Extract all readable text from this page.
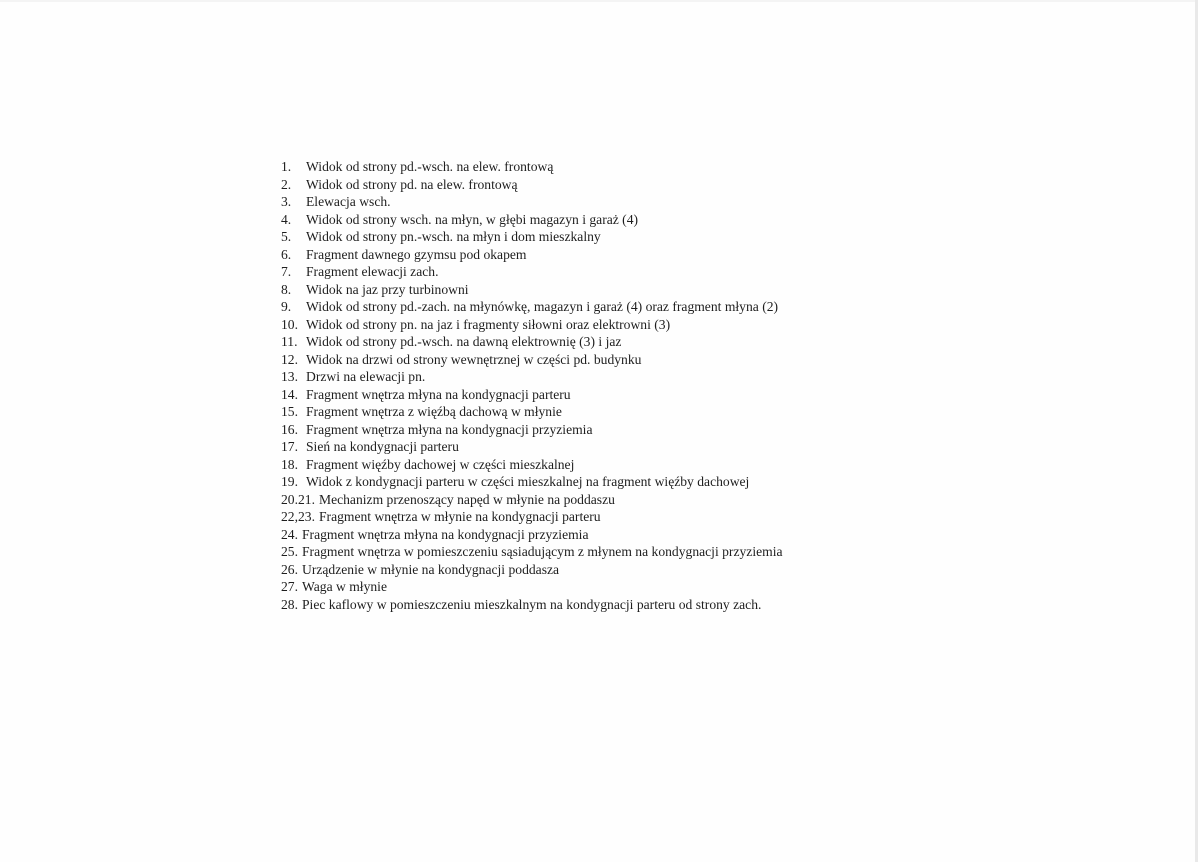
1.	Widok od strony pd.-wsch. na elew. frontową
2.	Widok od strony pd. na elew. frontową
3.	Elewacja wsch.
4.	Widok od strony wsch. na młyn, w głębi magazyn i garaż (4)
5.	Widok od strony pn.-wsch. na młyn i dom mieszkalny
6.	Fragment dawnego gzymsu pod okapem
7.	Fragment elewacji zach.
8.	Widok na jaz przy turbinowni
9.	Widok od strony pd.-zach. na młynówkę, magazyn i garaż (4) oraz fragment młyna (2)
10. Widok od strony pn. na jaz i fragmenty siłowni oraz elektrowni (3)
11. Widok od strony pd.-wsch. na dawną elektrownię (3) i jaz
12. Widok na drzwi od strony wewnętrznej w części pd. budynku
13. Drzwi na elewacji pn.
14. Fragment wnętrza młyna na kondygnacji parteru
15. Fragment wnętrza z więźbą dachową w młynie
16. Fragment wnętrza młyna na kondygnacji przyziemia
17. Sień na kondygnacji parteru
18. Fragment więźby dachowej w części mieszkalnej
19. Widok z kondygnacji parteru w części mieszkalnej na fragment więźby dachowej
20.21. Mechanizm przenoszący napęd w młynie na poddaszu
22,23. Fragment wnętrza w młynie na kondygnacji parteru
24. Fragment wnętrza młyna na kondygnacji przyziemia
25. Fragment wnętrza w pomieszczeniu sąsiadującym z młynem na kondygnacji przyziemia
26. Urządzenie w młynie na kondygnacji poddasza
27. Waga w młynie
28. Piec kaflowy w pomieszczeniu mieszkalnym na kondygnacji parteru od strony zach.
